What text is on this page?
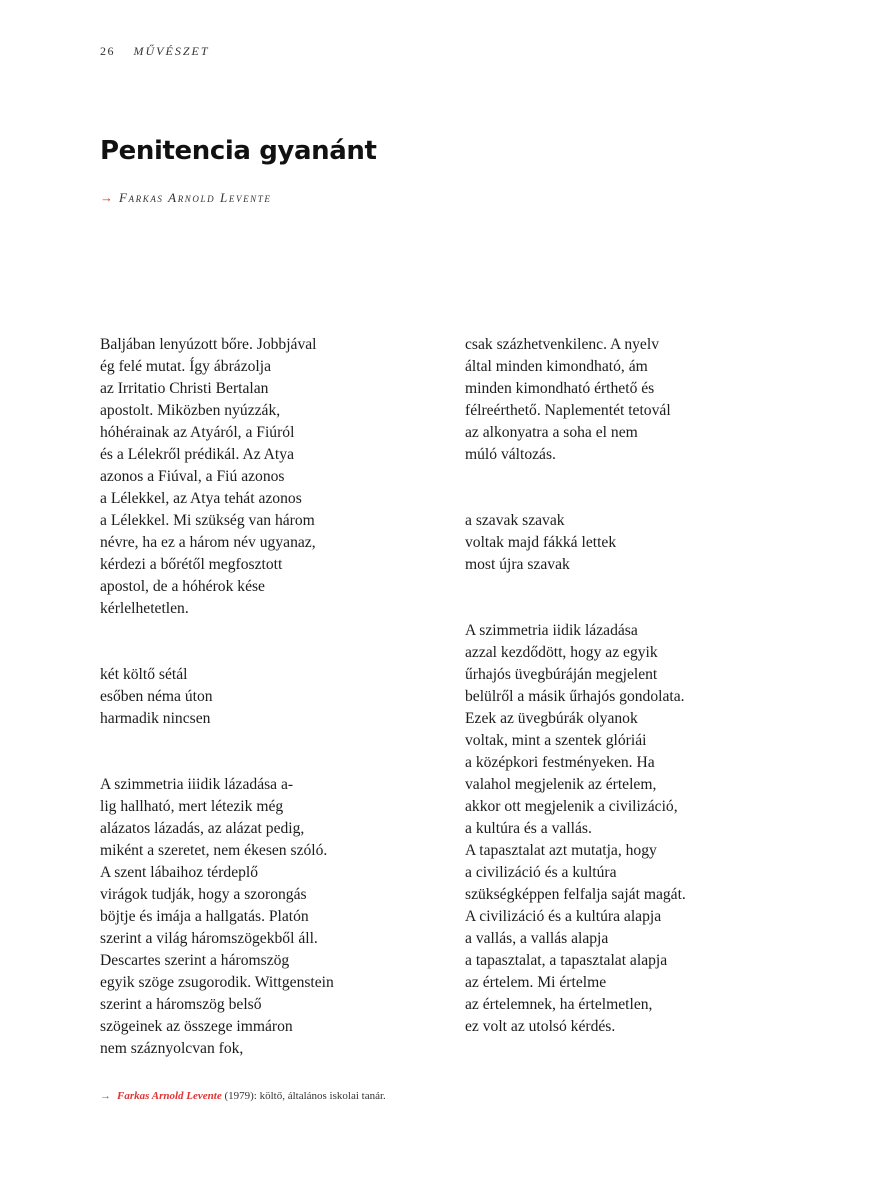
26 MŰVÉSZET
Penitencia gyanánt
→ Farkas Arnold Levente

Baljában lenyúzott bőre. Jobbjával
ég felé mutat. Így ábrázolja
az Irritatio Christi Bertalan
apostolt. Miközben nyúzzák,
hóhérainak az Atyáról, a Fiúról
és a Lélekről prédikál. Az Atya
azonos a Fiúval, a Fiú azonos
a Lélekkel, az Atya tehát azonos
a Lélekkel. Mi szükség van három
névre, ha ez a három név ugyanaz,
kérdezi a bőrétől megfosztott
apostol, de a hóhérok kése
kérlelhetetlen.

két költő sétál
esőben néma úton
harmadik nincsen

A szimmetria iiidik lázadása a-
lig hallható, mert létezik még
alázatos lázadás, az alázat pedig,
miként a szeretet, nem ékesen szóló.
A szent lábaihoz térdeplő
virágok tudják, hogy a szorongás
böjtje és imája a hallgatás. Platón
szerint a világ háromszögekből áll.
Descartes szerint a háromszög
egyik szöge zsugorodik. Wittgenstein
szerint a háromszög belső
szögeinek az összege immáron
nem száznyolcvan fok,

csak százhetvenkilenc. A nyelv
által minden kimondható, ám
minden kimondható érthető és
félreérthető. Naplementét tetovál
az alkonyatra a soha el nem
múló változás.

a szavak szavak
voltak majd fákká lettek
most újra szavak

A szimmetria iidik lázadása
azzal kezdődött, hogy az egyik
űrhajós üvegbúráján megjelent
belülről a másik űrhajós gondolata.
Ezek az üvegbúrák olyanok
voltak, mint a szentek glóriái
a középkori festményeken. Ha
valahol megjelenik az értelem,
akkor ott megjelenik a civilizáció,
a kultúra és a vallás.
A tapasztalat azt mutatja, hogy
a civilizáció és a kultúra
szükségképpen felfalja saját magát.
A civilizáció és a kultúra alapja
a vallás, a vallás alapja
a tapasztalat, a tapasztalat alapja
az értelem. Mi értelme
az értelemnek, ha értelmetlen,
ez volt az utolsó kérdés.

→ Farkas Arnold Levente (1979): költő, általános iskolai tanár.
